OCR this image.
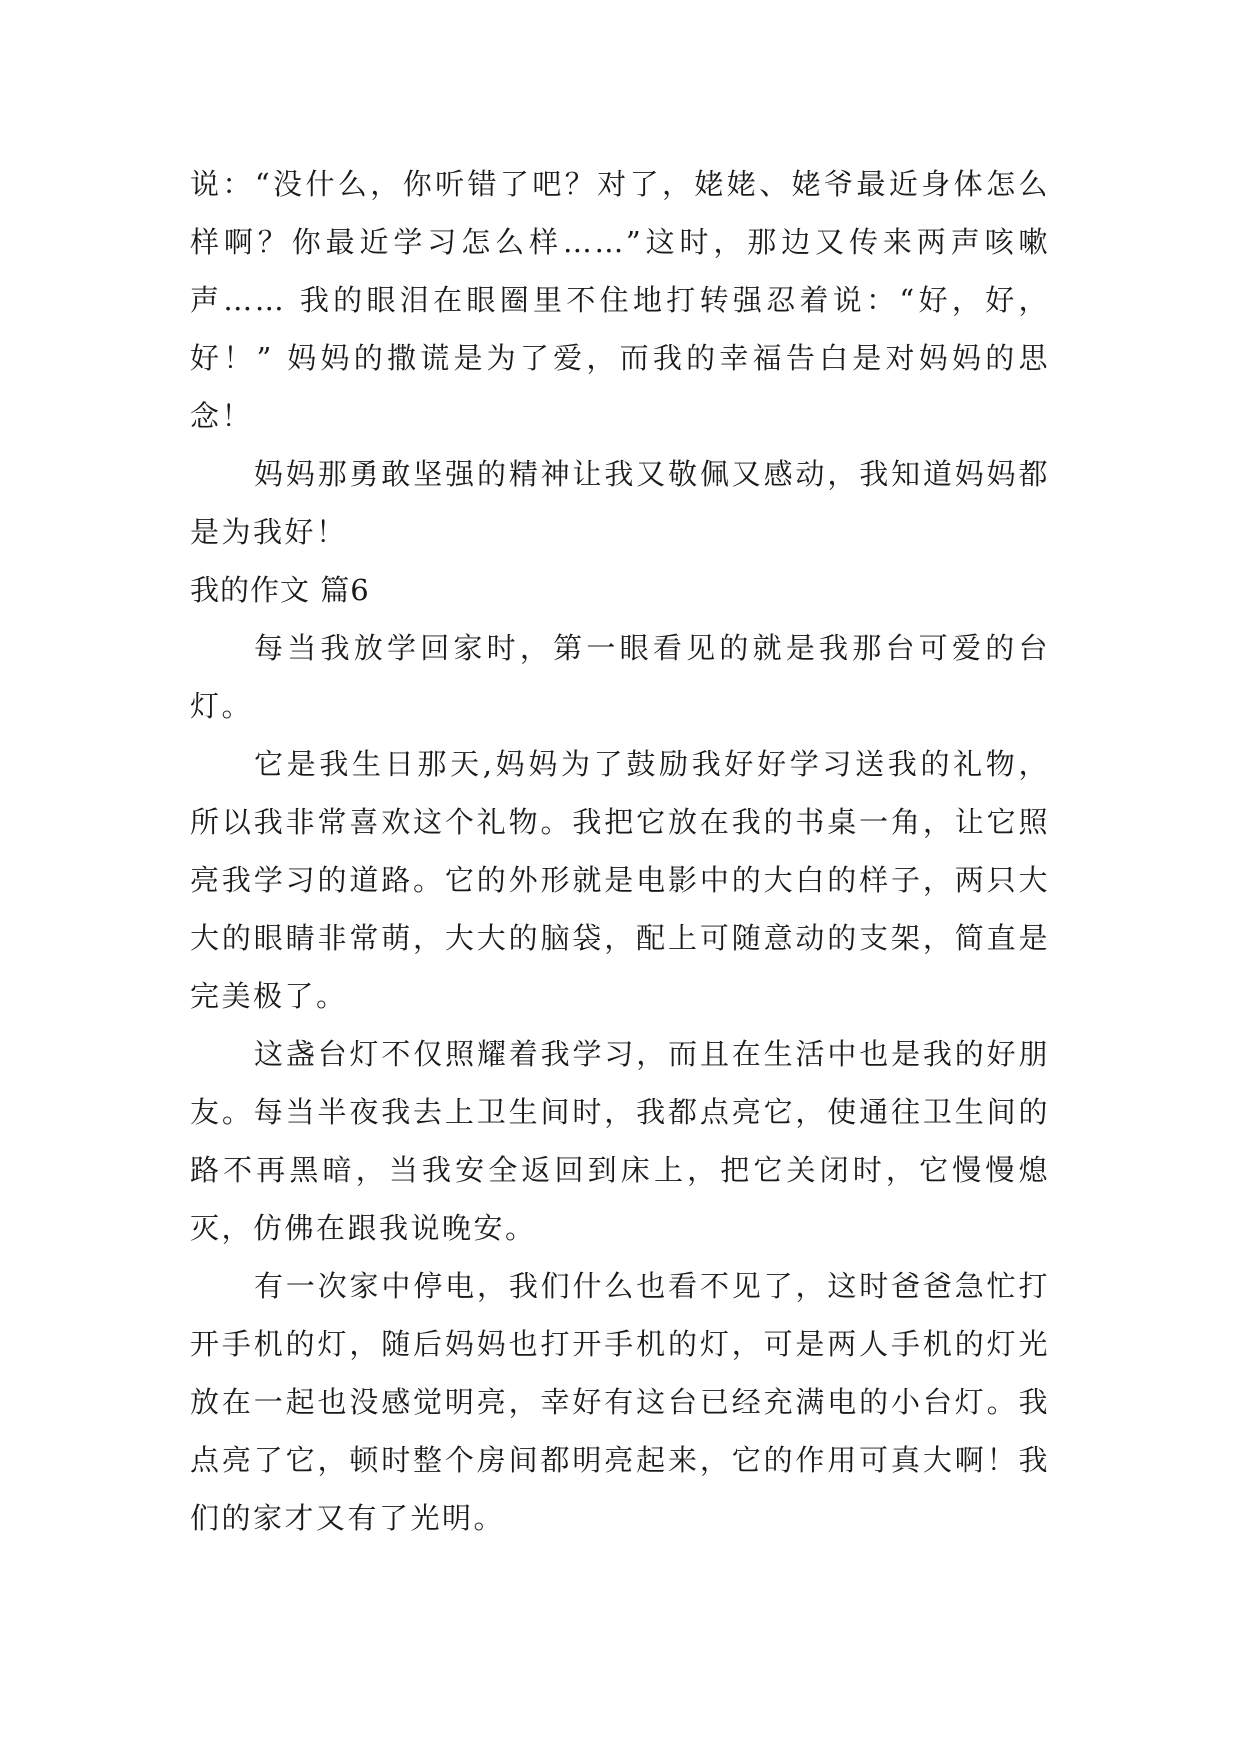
说：“没什么，你听错了吧？对了，姥姥、姥爷最近身体怎么样啊？你最近学习怎么样……”这时，那边又传来两声咳嗽声…… 我的眼泪在眼圈里不住地打转强忍着说：“好，好，好！” 妈妈的撒谎是为了爱，而我的幸福告白是对妈妈的思念！

妈妈那勇敢坚强的精神让我又敬佩又感动，我知道妈妈都是为我好！

我的作文 篇6

每当我放学回家时，第一眼看见的就是我那台可爱的台灯。

它是我生日那天,妈妈为了鼓励我好好学习送我的礼物，所以我非常喜欢这个礼物。我把它放在我的书桌一角，让它照亮我学习的道路。它的外形就是电影中的大白的样子，两只大大的眼睛非常萌，大大的脑袋，配上可随意动的支架，简直是完美极了。

这盏台灯不仅照耀着我学习，而且在生活中也是我的好朋友。每当半夜我去上卫生间时，我都点亮它，使通往卫生间的路不再黑暗，当我安全返回到床上，把它关闭时，它慢慢熄灭，仿佛在跟我说晚安。

有一次家中停电，我们什么也看不见了，这时爸爸急忙打开手机的灯，随后妈妈也打开手机的灯，可是两人手机的灯光放在一起也没感觉明亮，幸好有这台已经充满电的小台灯。我点亮了它，顿时整个房间都明亮起来，它的作用可真大啊！我们的家才又有了光明。
